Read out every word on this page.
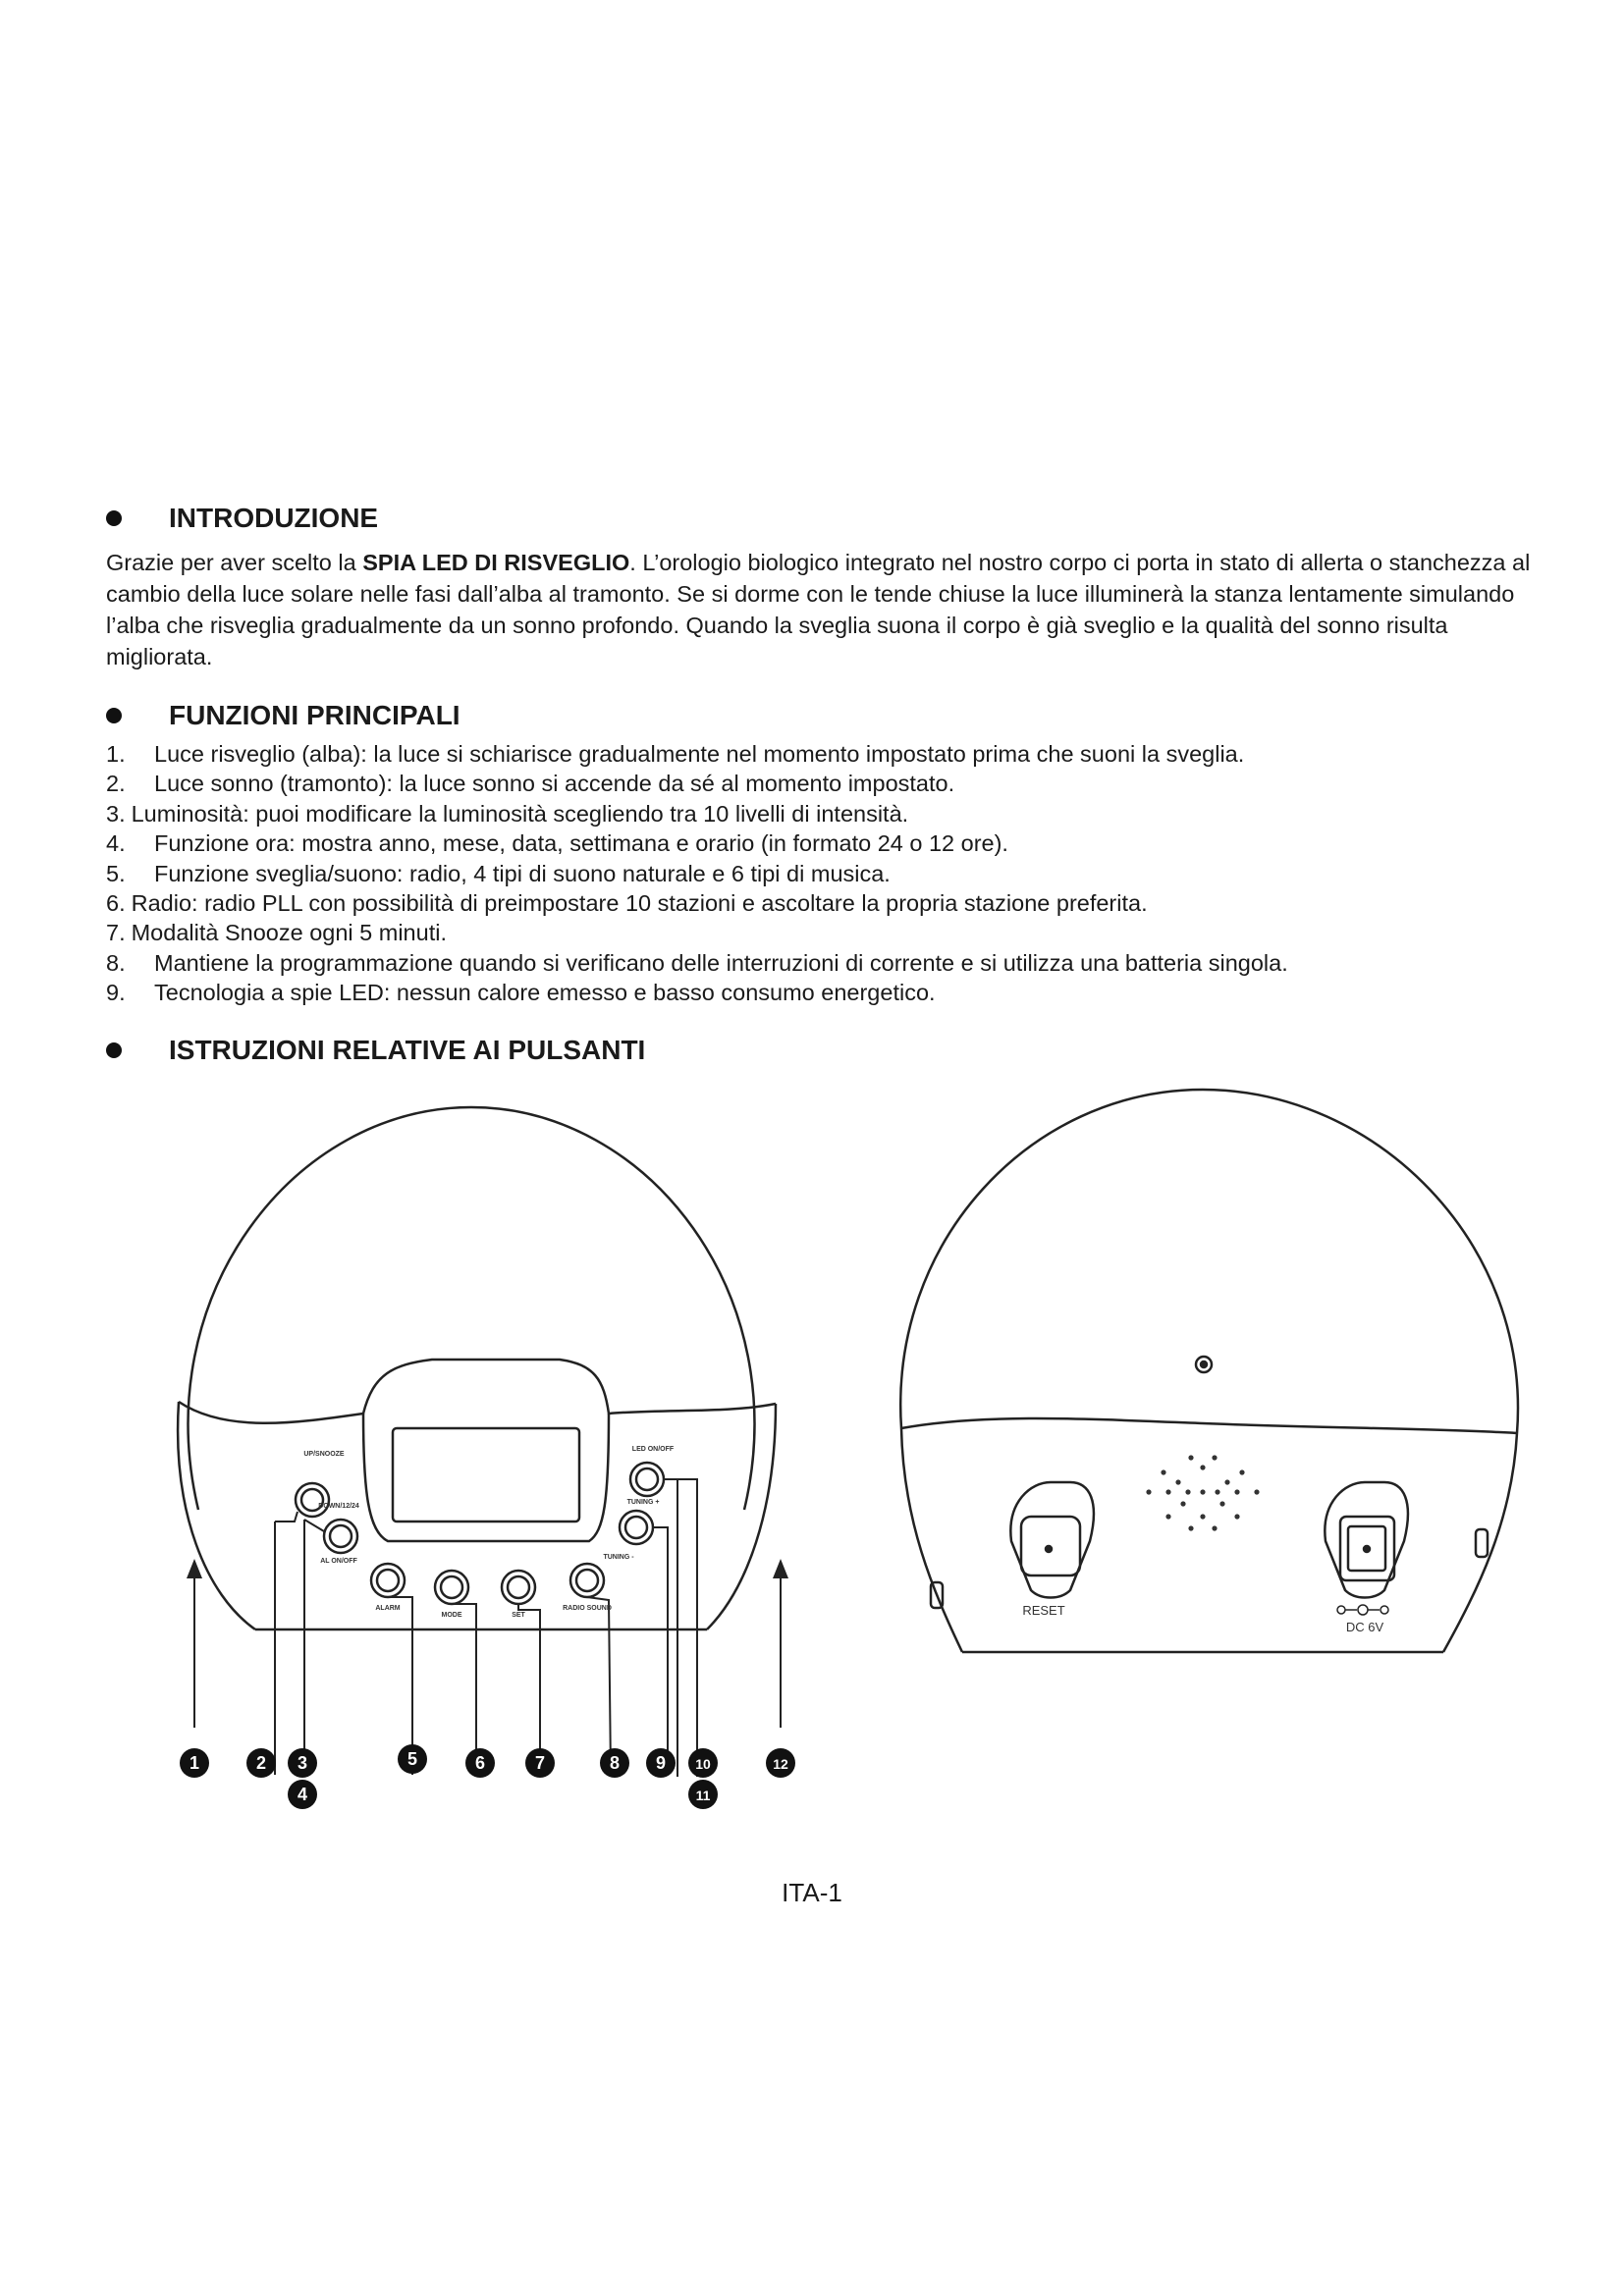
INTRODUZIONE
Grazie per aver scelto la SPIA LED DI RISVEGLIO. L’orologio biologico integrato nel nostro corpo ci porta in stato di allerta o stanchezza al cambio della luce solare nelle fasi dall’alba al tramonto. Se si dorme con le tende chiuse la luce illuminerà la stanza lentamente simulando l’alba che risveglia gradualmente da un sonno profondo. Quando la sveglia suona il corpo è già sveglio e la qualità del sonno risulta migliorata.
FUNZIONI PRINCIPALI
1. Luce risveglio (alba): la luce si schiarisce gradualmente nel momento impostato prima che suoni la sveglia.
2. Luce sonno (tramonto): la luce sonno si accende da sé al momento impostato.
3. Luminosità: puoi modificare la luminosità scegliendo tra 10 livelli di intensità.
4. Funzione ora: mostra anno, mese, data, settimana e orario (in formato 24 o 12 ore).
5. Funzione sveglia/suono: radio, 4 tipi di suono naturale e 6 tipi di musica.
6. Radio: radio PLL con possibilità di preimpostare 10 stazioni e ascoltare la propria stazione preferita.
7. Modalità Snooze ogni 5 minuti.
8. Mantiene la programmazione quando si verificano delle interruzioni di corrente e si utilizza una batteria singola.
9. Tecnologia a spie LED: nessun calore emesso e basso consumo energetico.
ISTRUZIONI RELATIVE AI PULSANTI
UP/SNOOZE
DOWN/12/24
AL ON/OFF
ALARM
MODE	SET
RADIO SOUND
LED ON/OFF
TUNING +
TUNING -
1	2 3
4
5	6	7	8 9 10
11
12
RESET
DC 6V
ITA-1
